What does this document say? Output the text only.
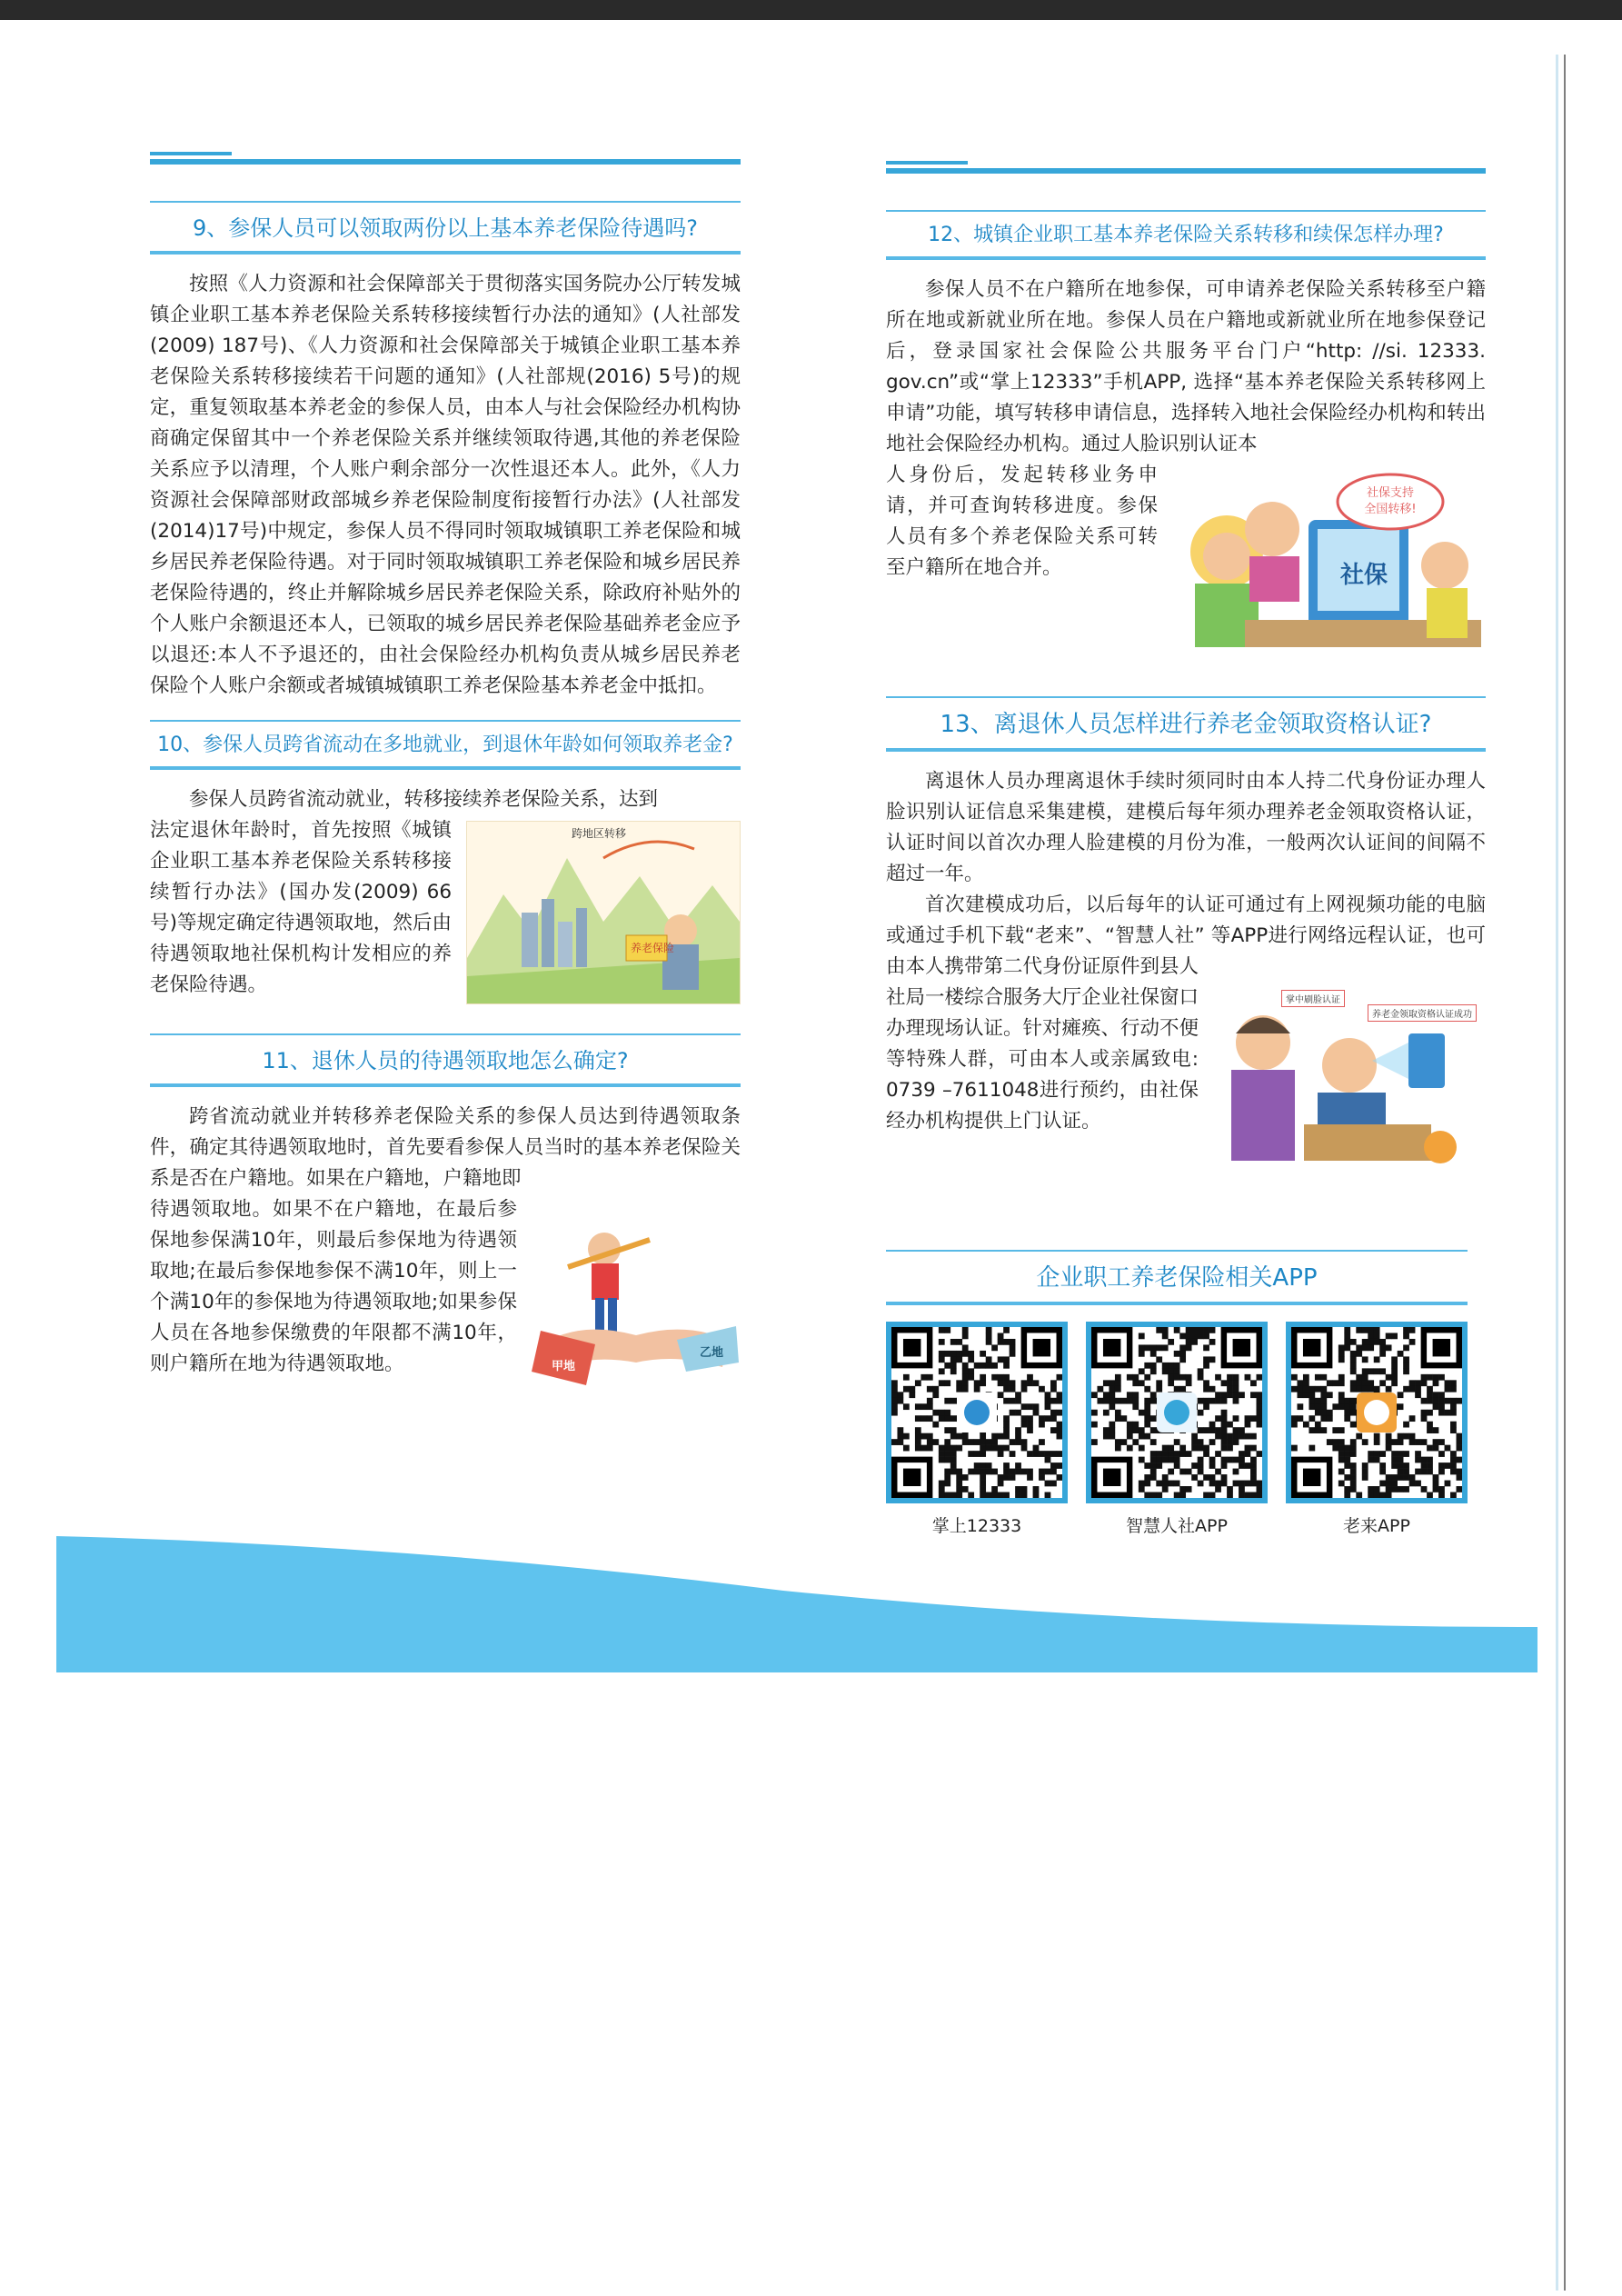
9、参保人员可以领取两份以上基本养老保险待遇吗?

按照《人力资源和社会保障部关于贯彻落实国务院办公厅转发城镇企业职工基本养老保险关系转移接续暂行办法的通知》(人社部发(2009) 187号)、《人力资源和社会保障部关于城镇企业职工基本养老保险关系转移接续若干问题的通知》(人社部规(2016) 5号)的规定，重复领取基本养老金的参保人员，由本人与社会保险经办机构协商确定保留其中一个养老保险关系并继续领取待遇,其他的养老保险关系应予以清理，个人账户剩余部分一次性退还本人。此外，《人力资源社会保障部财政部城乡养老保险制度衔接暂行办法》(人社部发(2014)17号)中规定，参保人员不得同时领取城镇职工养老保险和城乡居民养老保险待遇。对于同时领取城镇职工养老保险和城乡居民养老保险待遇的，终止并解除城乡居民养老保险关系，除政府补贴外的个人账户余额退还本人，已领取的城乡居民养老保险基础养老金应予以退还:本人不予退还的，由社会保险经办机构负责从城乡居民养老保险个人账户余额或者城镇城镇职工养老保险基本养老金中抵扣。

10、参保人员跨省流动在多地就业，到退休年龄如何领取养老金?

参保人员跨省流动就业，转移接续养老保险关系，达到

跨地区转移
养老保险

法定退休年龄时，首先按照《城镇企业职工基本养老保险关系转移接续暂行办法》(国办发(2009) 66号)等规定确定待遇领取地，然后由待遇领取地社保机构计发相应的养老保险待遇。

11、退休人员的待遇领取地怎么确定?

跨省流动就业并转移养老保险关系的参保人员达到待遇领取条件，确定其待遇领取地时，首先要看参保人员当时的基本养老保险关系是否在户籍地。如果在户籍地，户籍地即

甲地
乙地

待遇领取地。如果不在户籍地，在最后参保地参保满10年，则最后参保地为待遇领取地;在最后参保地参保不满10年，则上一个满10年的参保地为待遇领取地;如果参保人员在各地参保缴费的年限都不满10年，则户籍所在地为待遇领取地。

12、城镇企业职工基本养老保险关系转移和续保怎样办理?

参保人员不在户籍所在地参保，可申请养老保险关系转移至户籍所在地或新就业所在地。参保人员在户籍地或新就业所在地参保登记后，登录国家社会保险公共服务平台门户“http: //si. 12333. gov.cn”或“掌上12333”手机APP, 选择“基本养老保险关系转移网上申请”功能，填写转移申请信息，选择转入地社会保险经办机构和转出地社会保险经办机构。通过人脸识别认证本

社保支持
全国转移!
社保

人身份后，发起转移业务申请，并可查询转移进度。参保人员有多个养老保险关系可转至户籍所在地合并。

13、离退休人员怎样进行养老金领取资格认证?

离退休人员办理离退休手续时须同时由本人持二代身份证办理人脸识别认证信息采集建模，建模后每年须办理养老金领取资格认证，认证时间以首次办理人脸建模的月份为准，一般两次认证间的间隔不超过一年。

首次建模成功后，以后每年的认证可通过有上网视频功能的电脑或通过手机下载“老来”、“智慧人社” 等APP进行网络远程认证，也可由本人携带第二代身份证原件到县人

掌中刷脸认证
养老金领取资格认证成功

社局一楼综合服务大厅企业社保窗口办理现场认证。针对瘫痪、行动不便等特殊人群，可由本人或亲属致电: 0739 –7611048进行预约，由社保经办机构提供上门认证。

企业职工养老保险相关APP
掌上12333	智慧人社APP	老来APP
